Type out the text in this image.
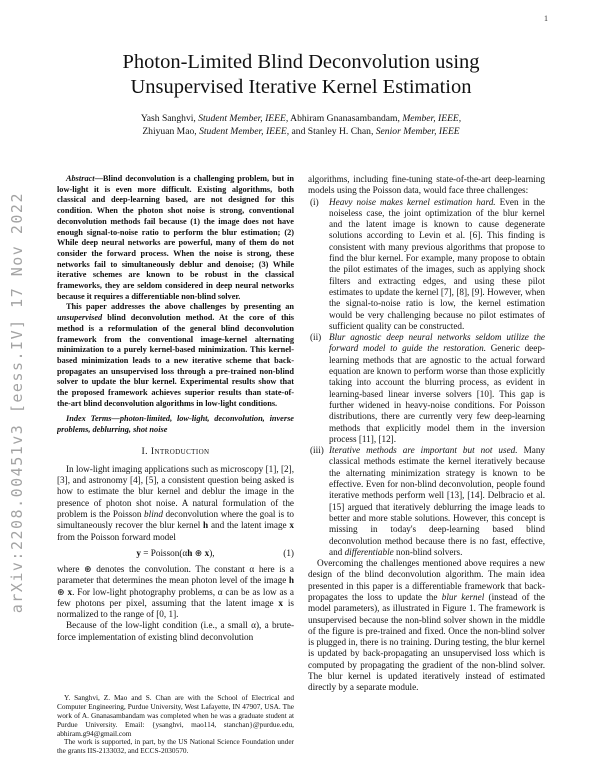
1
arXiv:2208.00451v3 [eess.IV] 17 Nov 2022
Photon-Limited Blind Deconvolution using
Unsupervised Iterative Kernel Estimation
Yash Sanghvi, Student Member, IEEE, Abhiram Gnanasambandam, Member, IEEE,
Zhiyuan Mao, Student Member, IEEE, and Stanley H. Chan, Senior Member, IEEE

Abstract—Blind deconvolution is a challenging problem, but in low-light it is even more difficult. Existing algorithms, both classical and deep-learning based, are not designed for this condition. When the photon shot noise is strong, conventional deconvolution methods fail because (1) the image does not have enough signal-to-noise ratio to perform the blur estimation; (2) While deep neural networks are powerful, many of them do not consider the forward process. When the noise is strong, these networks fail to simultaneously deblur and denoise; (3) While iterative schemes are known to be robust in the classical frameworks, they are seldom considered in deep neural networks because it requires a differentiable non-blind solver.

This paper addresses the above challenges by presenting an unsupervised blind deconvolution method. At the core of this method is a reformulation of the general blind deconvolution framework from the conventional image-kernel alternating minimization to a purely kernel-based minimization. This kernel-based minimization leads to a new iterative scheme that back-propagates an unsupervised loss through a pre-trained non-blind solver to update the blur kernel. Experimental results show that the proposed framework achieves superior results than state-of-the-art blind deconvolution algorithms in low-light conditions.

Index Terms—photon-limited, low-light, deconvolution, inverse problems, deblurring, shot noise

I. Introduction

In low-light imaging applications such as microscopy [1], [2], [3], and astronomy [4], [5], a consistent question being asked is how to estimate the blur kernel and deblur the image in the presence of photon shot noise. A natural formulation of the problem is the Poisson blind deconvolution where the goal is to simultaneously recover the blur kernel h and the latent image x from the Poisson forward model

y = Poisson(αh ⊛ x),	(1)

where ⊛ denotes the convolution. The constant α here is a parameter that determines the mean photon level of the image h ⊛ x. For low-light photography problems, α can be as low as a few photons per pixel, assuming that the latent image x is normalized to the range of [0, 1].

Because of the low-light condition (i.e., a small α), a brute-force implementation of existing blind deconvolution

Y. Sanghvi, Z. Mao and S. Chan are with the School of Electrical and Computer Engineering, Purdue University, West Lafayette, IN 47907, USA. The work of A. Gnanasambandam was completed when he was a graduate student at Purdue University. Email: {ysanghvi, mao114, stanchan}@purdue.edu, abhiram.g94@gmail.com

The work is supported, in part, by the US National Science Foundation under the grants IIS-2133032, and ECCS-2030570.

algorithms, including fine-tuning state-of-the-art deep-learning models using the Poisson data, would face three challenges:

(i)	Heavy noise makes kernel estimation hard. Even in the noiseless case, the joint optimization of the blur kernel and the latent image is known to cause degenerate solutions according to Levin et al. [6]. This finding is consistent with many previous algorithms that propose to find the blur kernel. For example, many propose to obtain the pilot estimates of the images, such as applying shock filters and extracting edges, and using these pilot estimates to update the kernel [7], [8], [9]. However, when the signal-to-noise ratio is low, the kernel estimation would be very challenging because no pilot estimates of sufficient quality can be constructed.

(ii) Blur agnostic deep neural networks seldom utilize the forward model to guide the restoration. Generic deep-learning methods that are agnostic to the actual forward equation are known to perform worse than those explicitly taking into account the blurring process, as evident in learning-based linear inverse solvers [10]. This gap is further widened in heavy-noise conditions. For Poisson distributions, there are currently very few deep-learning methods that explicitly model them in the inversion process [11], [12].

(iii) Iterative methods are important but not used. Many classical methods estimate the kernel iteratively because the alternating minimization strategy is known to be effective. Even for non-blind deconvolution, people found iterative methods perform well [13], [14]. Delbracio et al. [15] argued that iteratively deblurring the image leads to better and more stable solutions. However, this concept is missing in today's deep-learning based blind deconvolution method because there is no fast, effective, and differentiable non-blind solvers.

Overcoming the challenges mentioned above requires a new design of the blind deconvolution algorithm. The main idea presented in this paper is a differentiable framework that back-propagates the loss to update the blur kernel (instead of the model parameters), as illustrated in Figure 1. The framework is unsupervised because the non-blind solver shown in the middle of the figure is pre-trained and fixed. Once the non-blind solver is plugged in, there is no training. During testing, the blur kernel is updated by back-propagating an unsupervised loss which is computed by propagating the gradient of the non-blind solver. The blur kernel is updated iteratively instead of estimated directly by a separate module.
